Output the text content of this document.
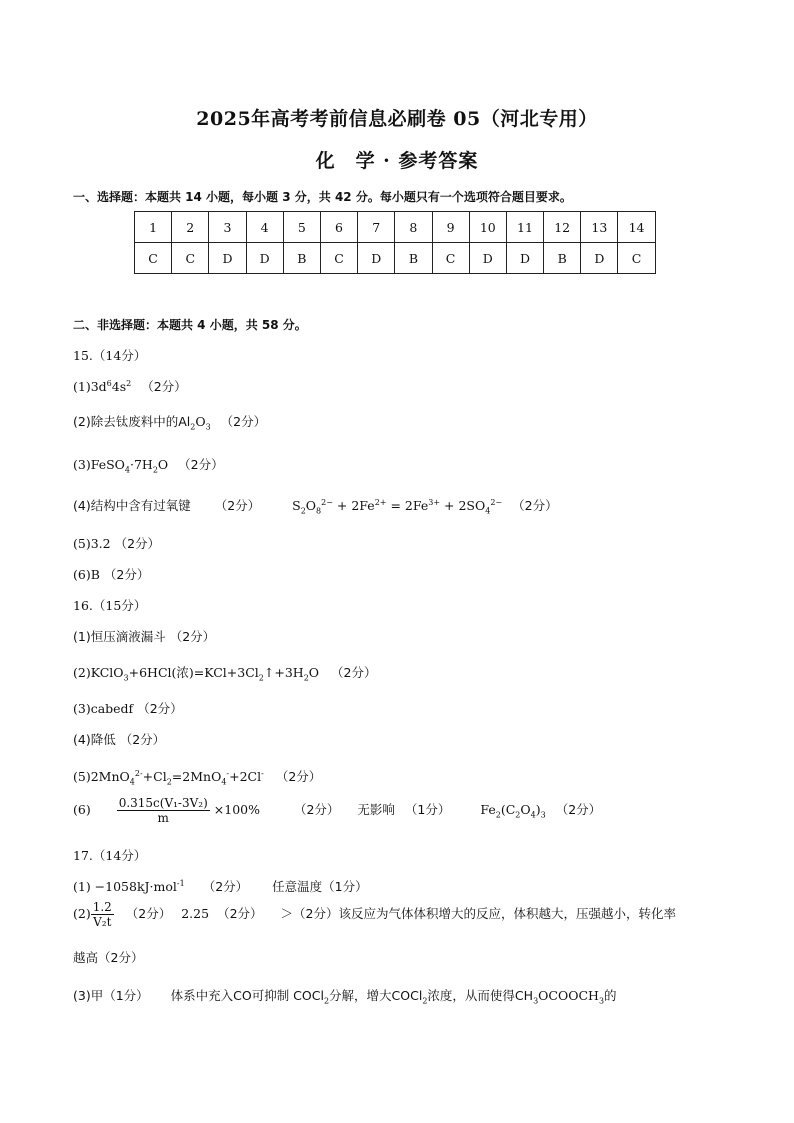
2025年高考考前信息必刷卷 05（河北专用）
化　学 · 参考答案
一、选择题：本题共 14 小题，每小题 3 分，共 42 分。每小题只有一个选项符合题目要求。
1	2	3	4	5	6	7	8	9	10	11	12	13	14
C	C	D	D	B	C	D	B	C	D	D	B	D	C
二、非选择题：本题共 4 小题，共 58 分。
15.（14分）
$(1)3d^64s^2$ （2分）
(2)除去钛废料中的$Al_2O_3$ （2分）
$(3)FeSO_4\cdot 7H_2O$ （2分）
(4)结构中含有过氧键 （2分）	$S_2O_8^{2-} + 2Fe^{2+} = 2Fe^{3+} + 2SO_4^{2-}$ （2分）
(5)3.2 （2分）
(6)B （2分）
16.（15分）
(1)恒压滴液漏斗 （2分）
(2)KClO$_3$+6HCl(浓)$=KCl+3Cl_2↑+3H_2O$ （2分）
(3)cabedf （2分）
(4)降低 （2分）
$(5)2MnO_4^{2-}+Cl_2=2MnO_4^-+2Cl^-$ （2分）
$(6) \frac{\text{0.315c(V₁-3V₂)}}{m} \times 100\%$	（2分） 无影响 （1分） $Fe_2(C_2O_4)_3$ （2分）
17.（14分）
(1) −1058kJ·mol$^{-1}$ （2分） 任意温度（1分）
$(2) \frac{1.2}{\text{V₂t}} (2$分） 2.25 （2分） ＞（2分）该反应为气体体积增大的反应，体积越大，压强越小，转化率
越高（2分）
(3)甲（1分） 体系中充入CO可抑制 COCl$_2$分解，增大COCl$_2$浓度，从而使得$CH_3OCOOCH_3$的
